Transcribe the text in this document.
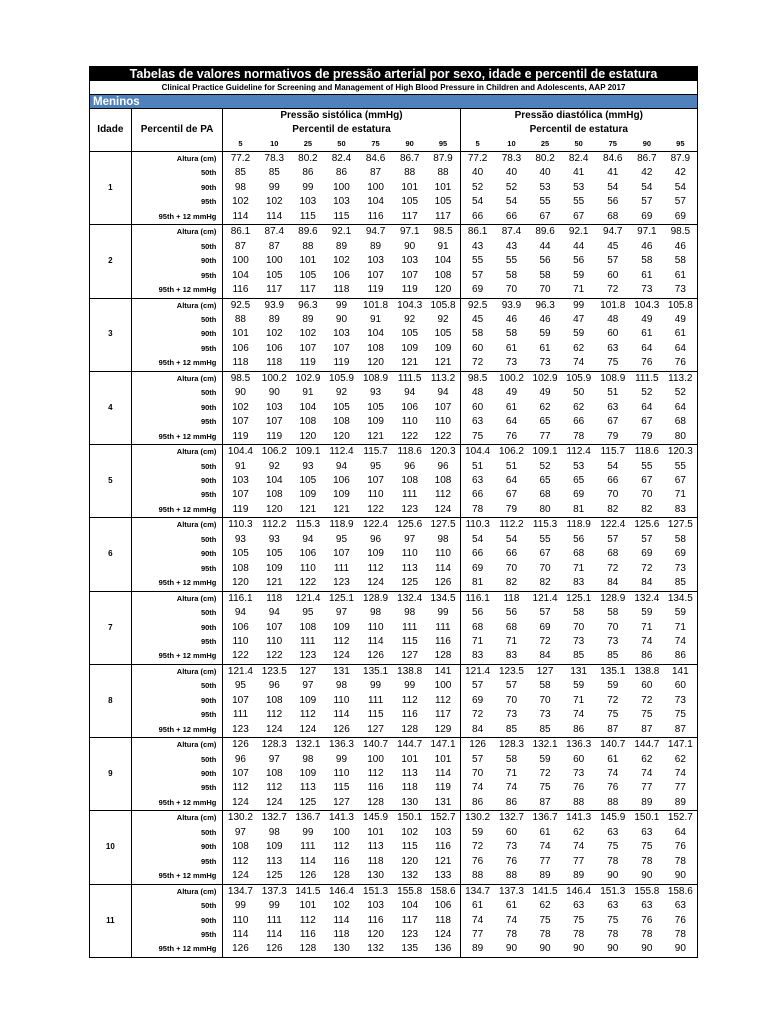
Tabelas de valores normativos de pressão arterial por sexo, idade e percentil de estatura
Clinical Practice Guideline for Screening and Management of High Blood Pressure in Children and Adolescents, AAP 2017
Meninos
		Pressão sistólica (mmHg)							Pressão diastólica (mmHg)						
Idade	Percentil de PA	Percentil de estatura							Percentil de estatura						
		5	10	25	50	75	90	95	5	10	25	50	75	90	95
1	Altura (cm)	77.2	78.3	80.2	82.4	84.6	86.7	87.9	77.2	78.3	80.2	82.4	84.6	86.7	87.9
	50th	85	85	86	86	87	88	88	40	40	40	41	41	42	42
	90th	98	99	99	100	100	101	101	52	52	53	53	54	54	54
	95th	102	102	103	103	104	105	105	54	54	55	55	56	57	57
	95th + 12 mmHg	114	114	115	115	116	117	117	66	66	67	67	68	69	69
2	Altura (cm)	86.1	87.4	89.6	92.1	94.7	97.1	98.5	86.1	87.4	89.6	92.1	94.7	97.1	98.5
	50th	87	87	88	89	89	90	91	43	43	44	44	45	46	46
	90th	100	100	101	102	103	103	104	55	55	56	56	57	58	58
	95th	104	105	105	106	107	107	108	57	58	58	59	60	61	61
	95th + 12 mmHg	116	117	117	118	119	119	120	69	70	70	71	72	73	73
3	Altura (cm)	92.5	93.9	96.3	99	101.8	104.3	105.8	92.5	93.9	96.3	99	101.8	104.3	105.8
	50th	88	89	89	90	91	92	92	45	46	46	47	48	49	49
	90th	101	102	102	103	104	105	105	58	58	59	59	60	61	61
	95th	106	106	107	107	108	109	109	60	61	61	62	63	64	64
	95th + 12 mmHg	118	118	119	119	120	121	121	72	73	73	74	75	76	76
4	Altura (cm)	98.5	100.2	102.9	105.9	108.9	111.5	113.2	98.5	100.2	102.9	105.9	108.9	111.5	113.2
	50th	90	90	91	92	93	94	94	48	49	49	50	51	52	52
	90th	102	103	104	105	105	106	107	60	61	62	62	63	64	64
	95th	107	107	108	108	109	110	110	63	64	65	66	67	67	68
	95th + 12 mmHg	119	119	120	120	121	122	122	75	76	77	78	79	79	80
5	Altura (cm)	104.4	106.2	109.1	112.4	115.7	118.6	120.3	104.4	106.2	109.1	112.4	115.7	118.6	120.3
	50th	91	92	93	94	95	96	96	51	51	52	53	54	55	55
	90th	103	104	105	106	107	108	108	63	64	65	65	66	67	67
	95th	107	108	109	109	110	111	112	66	67	68	69	70	70	71
	95th + 12 mmHg	119	120	121	121	122	123	124	78	79	80	81	82	82	83
6	Altura (cm)	110.3	112.2	115.3	118.9	122.4	125.6	127.5	110.3	112.2	115.3	118.9	122.4	125.6	127.5
	50th	93	93	94	95	96	97	98	54	54	55	56	57	57	58
	90th	105	105	106	107	109	110	110	66	66	67	68	68	69	69
	95th	108	109	110	111	112	113	114	69	70	70	71	72	72	73
	95th + 12 mmHg	120	121	122	123	124	125	126	81	82	82	83	84	84	85
7	Altura (cm)	116.1	118	121.4	125.1	128.9	132.4	134.5	116.1	118	121.4	125.1	128.9	132.4	134.5
	50th	94	94	95	97	98	98	99	56	56	57	58	58	59	59
	90th	106	107	108	109	110	111	111	68	68	69	70	70	71	71
	95th	110	110	111	112	114	115	116	71	71	72	73	73	74	74
	95th + 12 mmHg	122	122	123	124	126	127	128	83	83	84	85	85	86	86
8	Altura (cm)	121.4	123.5	127	131	135.1	138.8	141	121.4	123.5	127	131	135.1	138.8	141
	50th	95	96	97	98	99	99	100	57	57	58	59	59	60	60
	90th	107	108	109	110	111	112	112	69	70	70	71	72	72	73
	95th	111	112	112	114	115	116	117	72	73	73	74	75	75	75
	95th + 12 mmHg	123	124	124	126	127	128	129	84	85	85	86	87	87	87
9	Altura (cm)	126	128.3	132.1	136.3	140.7	144.7	147.1	126	128.3	132.1	136.3	140.7	144.7	147.1
	50th	96	97	98	99	100	101	101	57	58	59	60	61	62	62
	90th	107	108	109	110	112	113	114	70	71	72	73	74	74	74
	95th	112	112	113	115	116	118	119	74	74	75	76	76	77	77
	95th + 12 mmHg	124	124	125	127	128	130	131	86	86	87	88	88	89	89
10	Altura (cm)	130.2	132.7	136.7	141.3	145.9	150.1	152.7	130.2	132.7	136.7	141.3	145.9	150.1	152.7
	50th	97	98	99	100	101	102	103	59	60	61	62	63	63	64
	90th	108	109	111	112	113	115	116	72	73	74	74	75	75	76
	95th	112	113	114	116	118	120	121	76	76	77	77	78	78	78
	95th + 12 mmHg	124	125	126	128	130	132	133	88	88	89	89	90	90	90
11	Altura (cm)	134.7	137.3	141.5	146.4	151.3	155.8	158.6	134.7	137.3	141.5	146.4	151.3	155.8	158.6
	50th	99	99	101	102	103	104	106	61	61	62	63	63	63	63
	90th	110	111	112	114	116	117	118	74	74	75	75	75	76	76
	95th	114	114	116	118	120	123	124	77	78	78	78	78	78	78
	95th + 12 mmHg	126	126	128	130	132	135	136	89	90	90	90	90	90	90
